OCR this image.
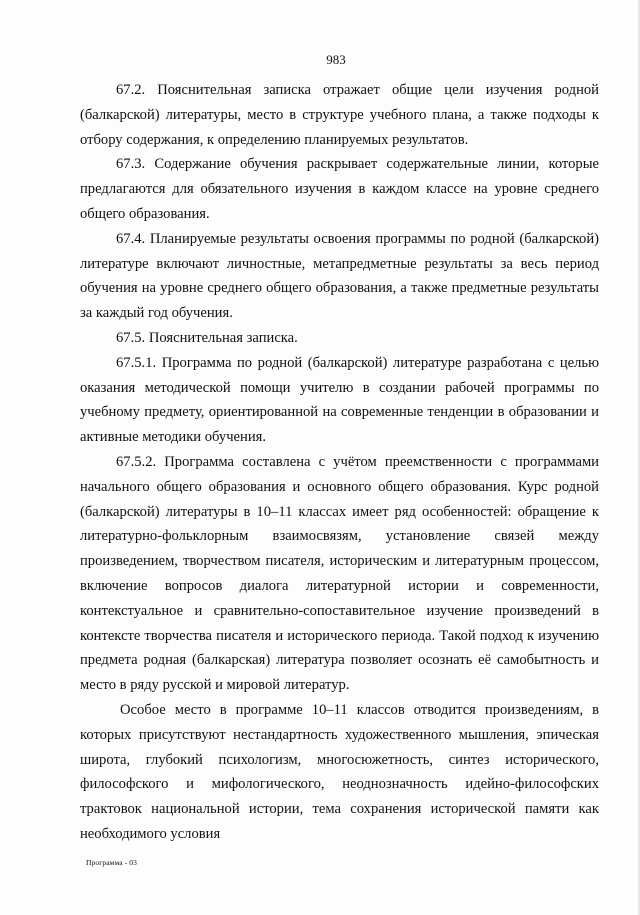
983

67.2. Пояснительная записка отражает общие цели изучения родной (балкарской) литературы, место в структуре учебного плана, а также подходы к отбору содержания, к определению планируемых результатов.

67.3. Содержание обучения раскрывает содержательные линии, которые предлагаются для обязательного изучения в каждом классе на уровне среднего общего образования.

67.4. Планируемые результаты освоения программы по родной (балкарской) литературе включают личностные, метапредметные результаты за весь период обучения на уровне среднего общего образования, а также предметные результаты за каждый год обучения.

67.5. Пояснительная записка.

67.5.1. Программа по родной (балкарской) литературе разработана с целью оказания методической помощи учителю в создании рабочей программы по учебному предмету, ориентированной на современные тенденции в образовании и активные методики обучения.

67.5.2. Программа составлена с учётом преемственности с программами начального общего образования и основного общего образования. Курс родной (балкарской) литературы в 10–11 классах имеет ряд особенностей: обращение к литературно-фольклорным взаимосвязям, установление связей между произведением, творчеством писателя, историческим и литературным процессом, включение вопросов диалога литературной истории и современности, контекстуальное и сравнительно-сопоставительное изучение произведений в контексте творчества писателя и исторического периода. Такой подход к изучению предмета родная (балкарская) литература позволяет осознать её самобытность и место в ряду русской и мировой литератур.

Особое место в программе 10–11 классов отводится произведениям, в которых присутствуют нестандартность художественного мышления, эпическая широта, глубокий психологизм, многосюжетность, синтез исторического, философского и мифологического, неоднозначность идейно-философских трактовок национальной истории, тема сохранения исторической памяти как необходимого условия

Программа - 03
